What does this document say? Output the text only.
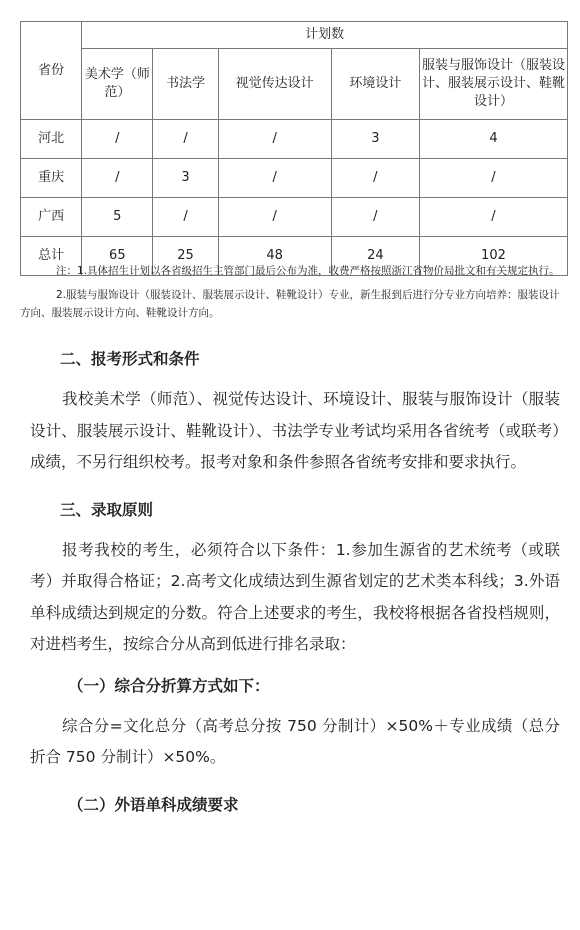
省份	计划数				
	美术学（师范）	书法学	视觉传达设计	环境设计	服装与服饰设计（服装设计、服装展示设计、鞋靴设计）
河北	/	/	/	3	4
重庆	/	3	/	/	/
广西	5	/	/	/	/
总计	65	25	48	24	102

注：1.具体招生计划以各省级招生主管部门最后公布为准，收费严格按照浙江省物价局批文和有关规定执行。

2.服装与服饰设计（服装设计、服装展示设计、鞋靴设计）专业，新生报到后进行分专业方向培养：服装设计方向、服装展示设计方向、鞋靴设计方向。

二、报考形式和条件

我校美术学（师范）、视觉传达设计、环境设计、服装与服饰设计（服装设计、服装展示设计、鞋靴设计）、书法学专业考试均采用各省统考（或联考）成绩，不另行组织校考。报考对象和条件参照各省统考安排和要求执行。

三、录取原则

报考我校的考生，必须符合以下条件：1.参加生源省的艺术统考（或联考）并取得合格证；2.高考文化成绩达到生源省划定的艺术类本科线；3.外语单科成绩达到规定的分数。符合上述要求的考生，我校将根据各省投档规则，对进档考生，按综合分从高到低进行排名录取：

（一）综合分折算方式如下：

综合分=文化总分（高考总分按 750 分制计）×50%＋专业成绩（总分折合 750 分制计）×50%。

（二）外语单科成绩要求
